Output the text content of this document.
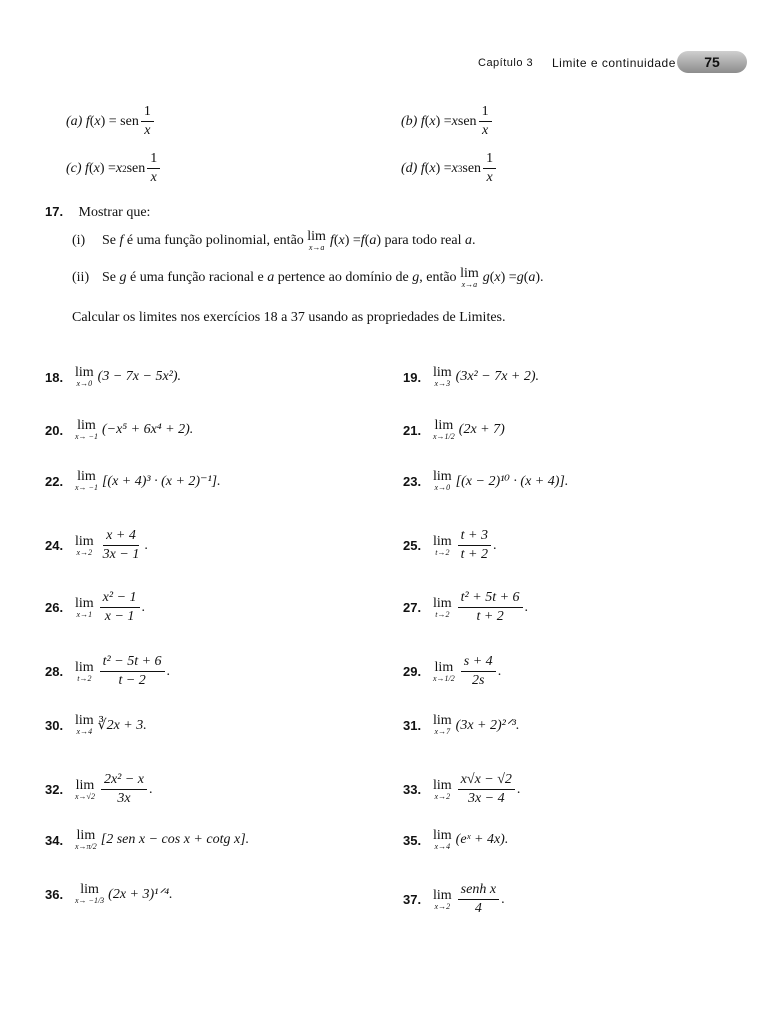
Capítulo 3 Limite e continuidade 75
(a)
f ( x ) = sen $\frac{1}{x}$	(b)
f ( x ) = x sen $\frac{1}{x}$
(c)
f ( x ) = x 2 sen $\frac{1}{x}$	(d)
f ( x ) = x 3 sen $\frac{1}{x}$
17. Mostrar que:
(i)	Se
f
é uma função polinomial, então
lim
x→a f ( x ) = f ( a ) para todo real
a .
(ii) Se
g
é uma função racional e
a
pertence ao domínio de
g , então
lim
x→a g ( x ) = g ( a ).
Calcular os limites nos exercícios 18 a 37 usando as propriedades de Limites.
18. lim
x→0 (3 − 7x − 5x²).	19. lim
x→3 (3x² − 7x + 2).
20.	lim
x→ −1 (−x⁵ + 6x⁴ + 2).	21. lim
x→1/2 (2x + 7)
22.	lim
x→ −1 [(x + 4)³ · (x + 2)⁻¹].	23. lim
x→0 [(x − 2)¹⁰ · (x + 4)].
24. lim
$x\to 2 \frac{x + 4}{3x - 1}$ .	25. lim
$t\to 2 \frac{t + 3}{t + 2}$ .
26. lim
$x\to 1 \frac{\text{x² − 1}}{x - 1}$ .	27. lim
$t\to 2 \frac{\text{t² + 5t + 6}}{t + 2}$ .
28. lim
$t\to 2 \frac{\text{t² − 5t + 6}}{t - 2}$ .	29. lim
$x\to 1/2 \frac{s + 4}{2s}$ .
30. lim
x→4 ∛2x + 3.	31. lim
x→7 (3x + 2)²ᐟ³.
32. lim
$x\to√2 \frac{\text{2x² − x}}{3x}$ .	33. lim
$x\to 2 \frac{x√x - √2}{3x - 4}$ .
34. lim
x→π/2 [2 sen x − cos x + cotg x].	35. lim
x→4 (eˣ + 4x).
36.	lim
x→ −1/3 (2x + 3)¹ᐟ⁴.	37. lim
$x\to 2 \frac{\text{senh x}}{4}$ .
